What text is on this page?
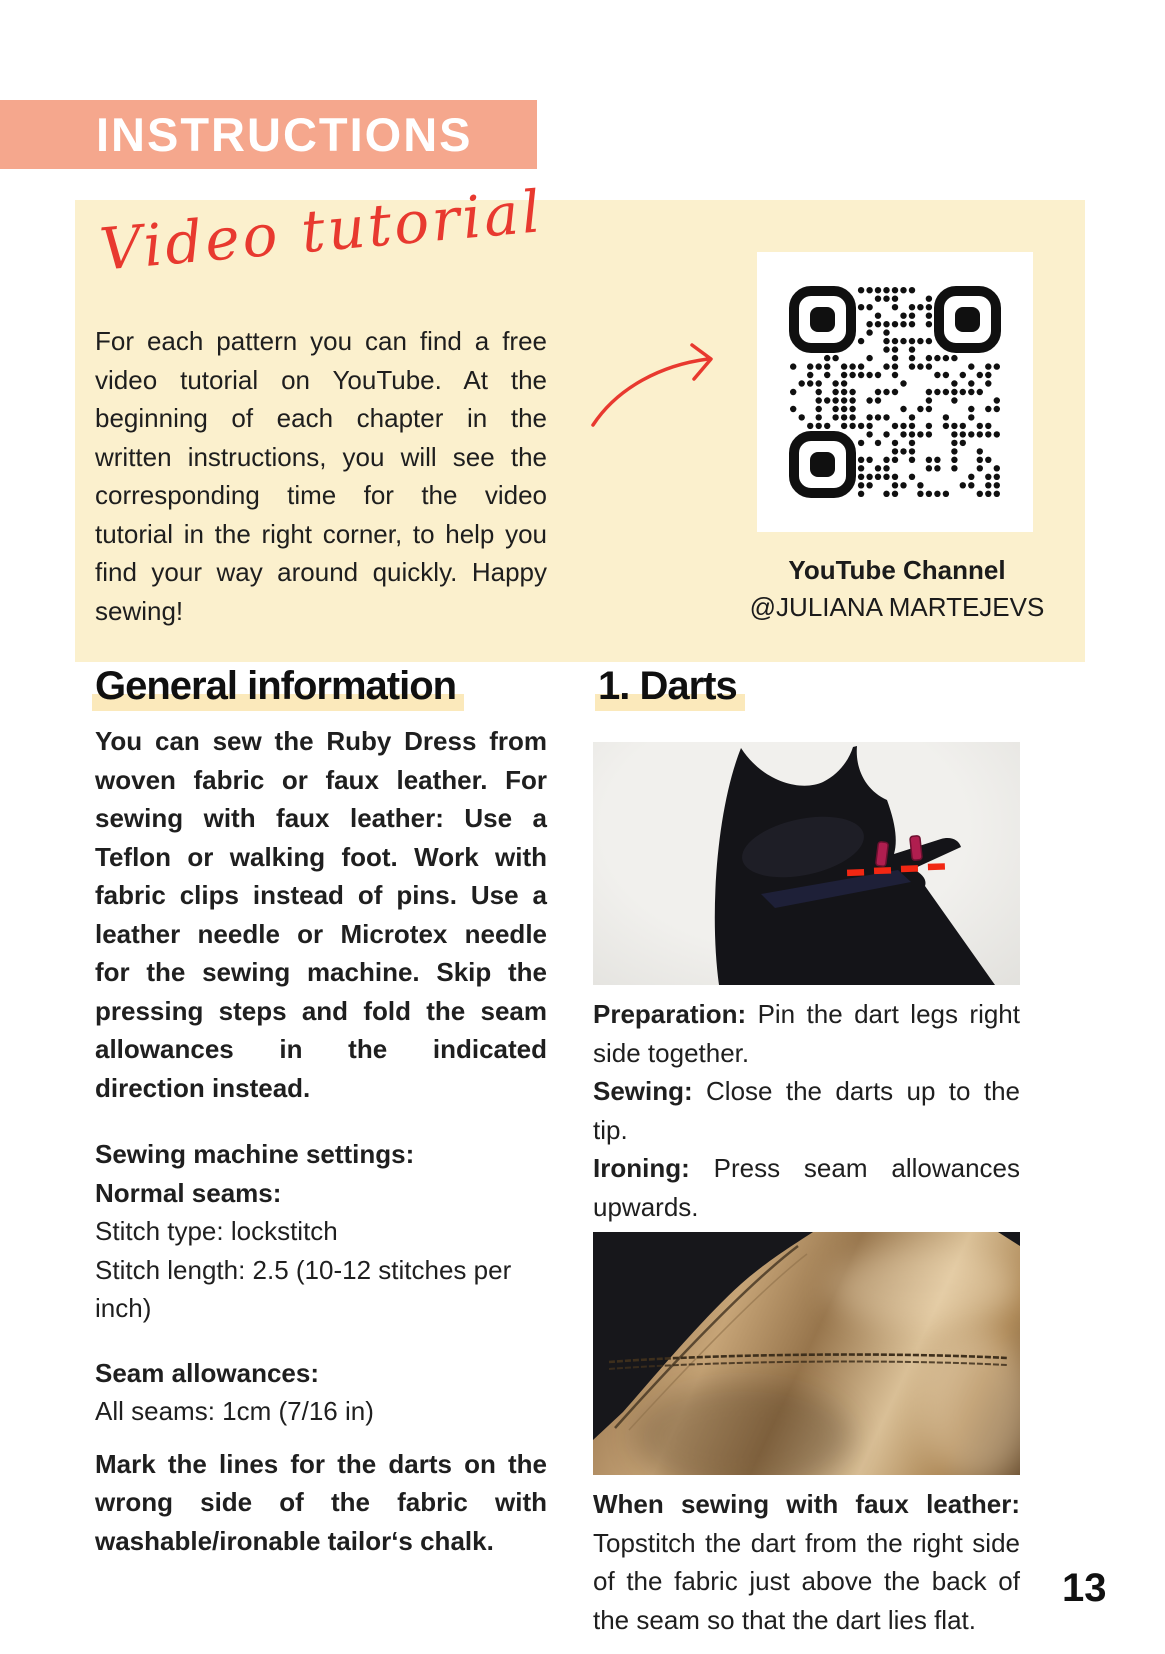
INSTRUCTIONS
Video tutorial

For each pattern you can find a free video tutorial on YouTube. At the beginning of each chapter in the written instructions, you will see the corresponding time for the video tutorial in the right corner, to help you find your way around quickly. Happy sewing!

YouTube Channel
@JULIANA MARTEJEVS
General information	1. Darts

You can sew the Ruby Dress from woven fabric or faux leather. For sewing with faux leather: Use a Teflon or walking foot. Work with fabric clips instead of pins. Use a leather needle or Microtex needle for the sewing machine. Skip the pressing steps and fold the seam allowances in the indicated direction instead.

Sewing machine settings:

Normal seams:

Stitch type: lockstitch

Stitch length: 2.5 (10-12 stitches per inch)

Seam allowances:

All seams: 1cm (7/16 in)

Mark the lines for the darts on the wrong side of the fabric with washable/ironable tailor‘s chalk.

Preparation: Pin the dart legs right side together.
Sewing: Close the darts up to the tip.
Ironing: Press seam allowances upwards.

When sewing with faux leather: Topstitch the dart from the right side of the fabric just above the back of the seam so that the dart lies flat.

13
